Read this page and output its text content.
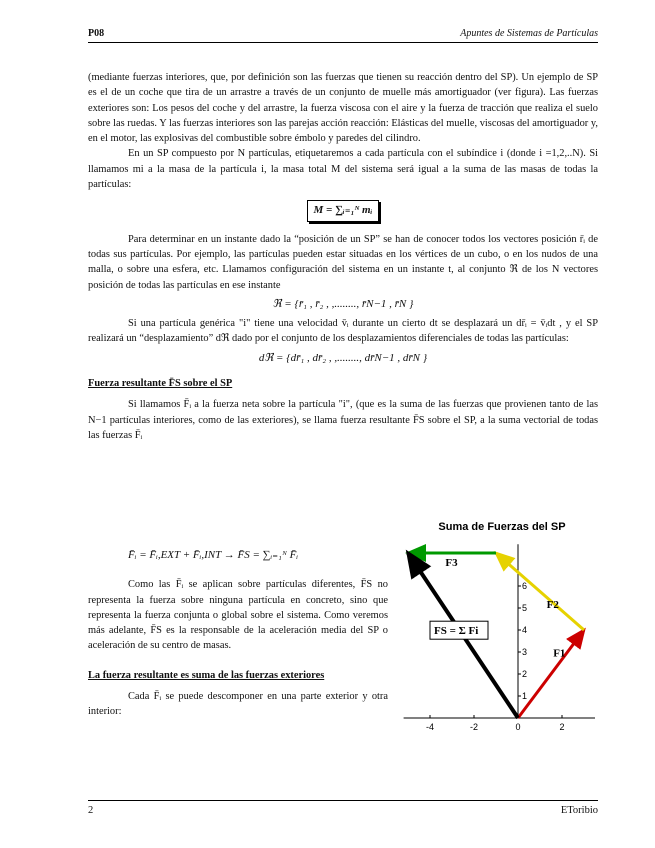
P08	Apuntes de Sistemas de Partículas

(mediante fuerzas interiores, que, por definición son las fuerzas que tienen su reacción dentro del SP). Un ejemplo de SP es el de un coche que tira de un arrastre a través de un conjunto de muelle más amortiguador (ver figura). Las fuerzas exteriores son: Los pesos del coche y del arrastre, la fuerza viscosa con el aire y la fuerza de tracción que realiza el suelo sobre las ruedas. Y las fuerzas interiores son las parejas acción reacción: Elásticas del muelle, viscosas del amortiguador y, en el motor, las explosivas del combustible sobre émbolo y paredes del cilindro.

En un SP compuesto por N partículas, etiquetaremos a cada partícula con el subíndice i (donde i =1,2,..N). Si llamamos mi a la masa de la partícula i, la masa total M del sistema será igual a la suma de las masas de todas la partículas:

M = ∑ᵢ₌₁ᴺ mᵢ

Para determinar en un instante dado la “posición de un SP” se han de conocer todos los vectores posición r̄ᵢ de todas sus partículas. Por ejemplo, las partículas pueden estar situadas en los vértices de un cubo, o en los nudos de una malla, o sobre una esfera, etc. Llamamos configuración del sistema en un instante t, al conjunto ℜ de los N vectores posición de todas las partículas en ese instante

ℜ = {r̄₁ , r̄₂ , ,........, r̄N−1 , r̄N }

Si una partícula genérica "i" tiene una velocidad v̄ᵢ durante un cierto dt se desplazará un dr̄ᵢ = v̄ᵢdt , y el SP realizará un “desplazamiento” dℜ dado por el conjunto de los desplazamientos diferenciales de todas las partículas:

dℜ = {dr̄₁ , dr̄₂ , ,........, dr̄N−1 , dr̄N }

Fuerza resultante F̄S sobre el SP

Si llamamos F̄ᵢ a la fuerza neta sobre la partícula "i", (que es la suma de las fuerzas que provienen tanto de las N−1 partículas interiores, como de las exteriores), se llama fuerza resultante F̄S sobre el SP, a la suma vectorial de todas las fuerzas F̄ᵢ

F̄ᵢ = F̄ᵢ,EXT + F̄ᵢ,INT → F̄S = ∑ᵢ₌₁ᴺ F̄ᵢ

Como las F̄ᵢ se aplican sobre partículas diferentes, F̄S no representa la fuerza sobre ninguna partícula en concreto, sino que representa la fuerza conjunta o global sobre el sistema. Como veremos más adelante, F̄S es la responsable de la aceleración media del SP o aceleración de su centro de masas.

La fuerza resultante es suma de las fuerzas exteriores

Cada F̄ᵢ se puede descomponer en una parte exterior y otra interior:

Suma de Fuerzas del SP
-4	-2	0	2
1
2
3
4
5
6
F1
F2
F3
FS = Σ Fi
2	EToribio
